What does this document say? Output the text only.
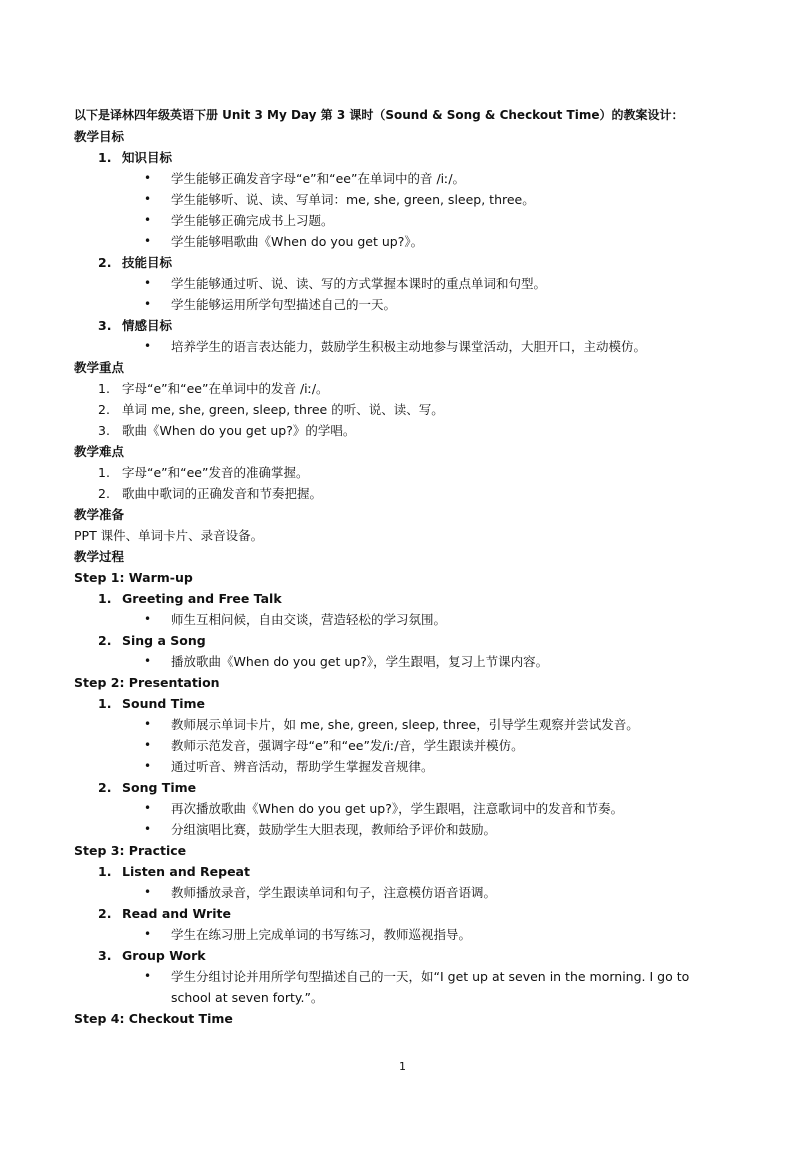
以下是译林四年级英语下册 Unit 3 My Day 第 3 课时（Sound & Song & Checkout Time）的教案设计：
教学目标
1. 知识目标
• 学生能够正确发音字母“e”和“ee”在单词中的音 /iː/。
• 学生能够听、说、读、写单词：me, she, green, sleep, three。
• 学生能够正确完成书上习题。
• 学生能够唱歌曲《When do you get up?》。
2. 技能目标
• 学生能够通过听、说、读、写的方式掌握本课时的重点单词和句型。
• 学生能够运用所学句型描述自己的一天。
3. 情感目标
• 培养学生的语言表达能力，鼓励学生积极主动地参与课堂活动，大胆开口，主动模仿。
教学重点
1. 字母“e”和“ee”在单词中的发音 /iː/。
2. 单词 me, she, green, sleep, three 的听、说、读、写。
3. 歌曲《When do you get up?》的学唱。
教学难点
1. 字母“e”和“ee”发音的准确掌握。
2. 歌曲中歌词的正确发音和节奏把握。
教学准备
PPT 课件、单词卡片、录音设备。
教学过程
Step 1: Warm-up
1. Greeting and Free Talk
• 师生互相问候，自由交谈，营造轻松的学习氛围。
2. Sing a Song
• 播放歌曲《When do you get up?》，学生跟唱，复习上节课内容。
Step 2: Presentation
1. Sound Time
• 教师展示单词卡片，如 me, she, green, sleep, three，引导学生观察并尝试发音。
• 教师示范发音，强调字母“e”和“ee”发/iː/音，学生跟读并模仿。
• 通过听音、辨音活动，帮助学生掌握发音规律。
2. Song Time
• 再次播放歌曲《When do you get up?》，学生跟唱，注意歌词中的发音和节奏。
• 分组演唱比赛，鼓励学生大胆表现，教师给予评价和鼓励。
Step 3: Practice
1. Listen and Repeat
• 教师播放录音，学生跟读单词和句子，注意模仿语音语调。
2. Read and Write
• 学生在练习册上完成单词的书写练习，教师巡视指导。
3. Group Work
• 学生分组讨论并用所学句型描述自己的一天，如“I get up at seven in the morning. I go to school at seven forty.”。
Step 4: Checkout Time
1
